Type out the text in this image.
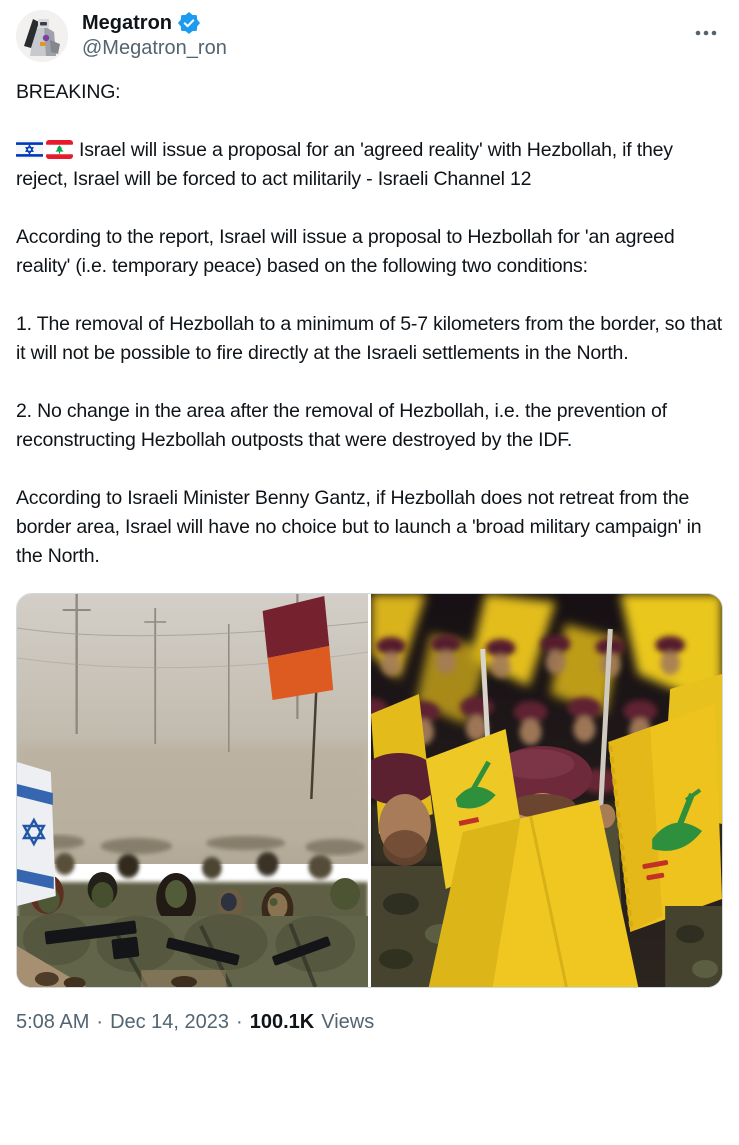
Megatron
@Megatron_ron

BREAKING:

Israel will issue a proposal for an 'agreed reality' with Hezbollah, if they reject, Israel will be forced to act militarily - Israeli Channel 12

According to the report, Israel will issue a proposal to Hezbollah for 'an agreed reality' (i.e. temporary peace) based on the following two conditions:

1. The removal of Hezbollah to a minimum of 5-7 kilometers from the border, so that it will not be possible to fire directly at the Israeli settlements in the North.

2. No change in the area after the removal of Hezbollah, i.e. the prevention of reconstructing Hezbollah outposts that were destroyed by the IDF.

According to Israeli Minister Benny Gantz, if Hezbollah does not retreat from the border area, Israel will have no choice but to launch a 'broad military campaign' in the North.

5:08 AM · Dec 14, 2023 · 100.1K Views
